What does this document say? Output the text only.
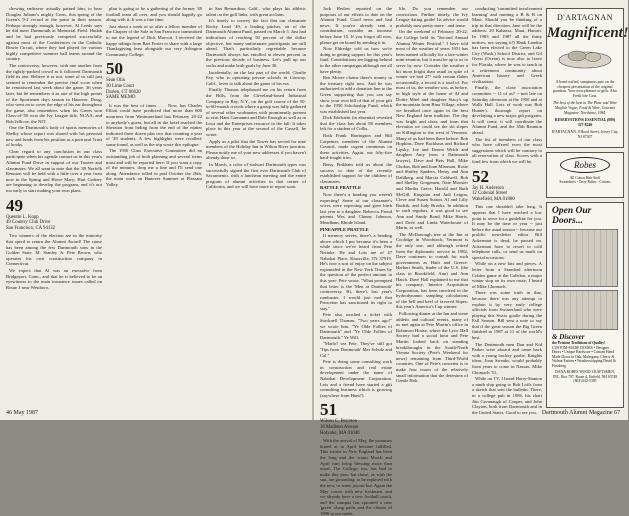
chewing endeavor actually pained him, to hear Douglas Juliano's mighty Cross, this spring of the Green's 9-2 record at the point in their season. Perhaps strongly enough, however, Al Leeds says he did meet Dartmouth at Memorial Field. Hudak and he had previously competed successfully against most of the Conferences in the Catholic Bowie Circuit, where they had played for various highly competitive summer ball teams around the country.

The controversy, however, with one another from the tightly-packed crowd as it followed Dartmouth field its one. Believe it or not, some of us still just seemed to remember the precise final score when he reminisced last week about the game. 36 years later, but he remembers it as one of the high points of the Sportsmen days season in Hanover. Doug, who went on to cover the edge of his ear throughout the game, also remembers when his Green won Class-of-'50 won the Ivy League title, NCAA, and Bob Jellicoe, the NIT.

One the Dartmouth's body of sports memories of Shelby whose report was shared with his personal new and funds from his position as a portrayal Trust of books.

Clear regard to any conclusion in our class participate when his agenda contact us in this year's Alumni Fund Drive in support of our Trustee and classmates. We all want to note that the '49 Norfolk Reunion will be held with a little over a year from now in the Spring and Howe Mary; Hart Godney are beginning to develop the program, and it's not too early to start making your own plans.

49
Quentin L. Kopp
49 Country Club Drive
San Francisco, CA 94132

Two winners of the election are in the minority that opted to return the Alumni Award! The cause has been among the few Dartmouth sons in the Golden State. M. Stanley Jr. Pete Brown, who operates his own construction company in Connecticut.

We expect that Al was an executive from Bridgeport, Conn., and that he is believed to be an eyewitness to the main insurance issues called on Route 1 near Westboro.

plan is going to be a gathering of the former '49 football team all over, and you should happily go along with it. It was a fine time.

Just about a week or so after a fellow member of the Chapter of the Sale in San Francisco transmitted to me the legend of Dick Marcott, I received the happy tidings from Bart Foster to share with a large Thanksgiving feast alongside our very Arlington Community College.

50
Sean Olin
30 Lime Court
Darien, CT 06820
SAME MEMO

It was the best of times . . . Now, has Charles Elliott could have predicted that more than 600 mourners from Westmoreland last February 20-22 to anybody's guess, but all in the hotel reached the Sheraton from hiding from the end of the matter indicated three dozen plus two that counting a year of '49 students. A few highlights were recalled; some found, as well as the trip wrote this epilogue.

The 1950 Class Executive Committee did an outstanding job of both planning and several items must and will be reported here. If you want a copy of the minutes, drop me a line and I'll send one along. Attendance rolled in past October the 26th, the main work on Hanover Summer at Pleasant Valley.

in San Bernardino, Calif., who plays his athletic talent on the golf links, with great acclaim.

It's timely to convey the fact that our classmate Rocky Lead '49, a leading pitcher, on of the Dartmouth Alumni Fund, passed on March 5. Just had indications of reaching 50 percent of the dollar objective, but many unfortunate participants are still ahead. That's particularly regrettable because Dartmouth always has enrolled at eleven percent in the previous decade of business. Let's pull up our socks and make both goals by June 30.

Incidentally, on the last part of the world, Charlie Fay, who is operating private schools in Conway, Calif., loves to talk about the game of his era.

Finally Thomas telephoned me on his return from the Hills, from the Cleveland-based Industrial Company in Ray, N.Y., on the golf course of the 50-to-60-month crowds where a group was fully gathered of several other workmates with prominently present to visit Hans Gumanmi and Dale Enough as well as in Iowa and the Enterprises resource in the fall. It takes place in this year at the second of the Cassell, he wrote.

Apply as a pilot that the Tower has served for nine members of the Holiday Inn in Wilton River junction. Please notify me of your new addresses if you haven't already done so.

In March, a color of stalwart Dartmouth types was successfully signed the first ever Dartmouth Club of Sacramento, with a luncheon meeting and the entire program of alumni activities in that corner of California, and we will have more to report soon.

46 May 1987

Jack Herlow reported on the purposes of our efforts to date on the Alumni Fund. Good news and bad news: If you've already sent a contribution, consider an increase before June 15. If you forgot till now, please get on board by sending it in.

Now Eldredge told us how we're doing in getting support for this year's fund. Contributions are lagging behind in the other campaigns although not all have plenty.

Ben Moore claims there's money in the treasury right now. And he was authorized to add a donation line to the Green supporting that you can say show your own bill of that of your gift to the 1950 Scholarship Fund, which was established last year.

Dick Edelstein (in absentia) revealed that the class has about 80 members left for a student of Collis.

Both Frank Harrington and Bill Carpenter, members of the Alumni Council, made cogent comments on these activities. Again, our fifty-five hard-fought tries.

Betsy Pinkham told us about the success to date of the recently established support for the children of classmates.

RATTLE PRATTLE

Now there's a heading you weren't expecting! Some of our classmate's wives were expecting and gave birth last year to a daughter. Rebecca. Proud parents Wes and Chinny Johnson, Mendham, Rhode Island.

PINEAPPLE PRATTLE

If memory serves, there's a heading above which I put because it's been a while since we've heard from Pete Nettuke. He and Lois are of 47 Nabokai Place, Knoxville, TN 37919. He's now a sort of enjoy on the subject expounded in the New York Times by the question of the perfect amount in this year: Pete wrote, "What prompted that letter is the 'Men at Dartmouth' controversy. Hi, there's last year's rumbuster. I would just nod that Princeton has sanctioned its right to stay."

Pete also touched a ticket with Stocknell Thomas. "Two years ago!" we wrote him. "Ye Olde Follies of Dartmouth" and "Ye Olde Follies of Dartmouth." Ye Will.

"Marlo? sez Pete. They've still got 'Tips from Dartmouth' Mer Schulz and Cal "

Pete is doing some consulting work in construction and real estate development under the name of Nabokai Development Corporation. Lois and a friend have started a gift consulting business which is growing (anywhere from Hunt?).

51
Wilson C. Boynton
18 Madison Avenue
Holyoke, MA 01040

With the arrival of May, the promises hinted at in April become fulfilled. This winter in New England has been the long and the warm March and April turn bring blessing more than usual. The College, too, has had to make this year, but those, as with the sun, are grounding, to be replaced with the new, or some joyous but. Again the May comes with new freshmen, and we already have a new football coach, and the campus has sprouted a new 'green' along paths and the classes of 1990 in our midst.

life. Do you remember our convictions. Further timely, the Ivy League dating guide! Its advice would probably now pretty more - and tense.

On the weekend of February 20-22, the College held its "Second Annual Alumni Winter Festival." I have told most of the weather of years 1951 has been named officially for a late-winter mini-reunion, but it must be up to us to serve by now. Consider the weather a bit more bright than usual in spite of winter we had 27° with certain flakes occasionally, a record is a total of. For most of us, the weather was, as before, in high style at the home of Al and Dottie Mitel and daughter Stacy's up the mountain from Bina Village, where we breathed once again in the best New England farm tradition. The day was bright and clear, and form that elevation we could see the ski slopes on Killington to the west of Vermont. Many of us had been there before: Bob Hopkins, Dave Backhaus and Richard Lipsky, Joe and Donna Welch and daughter Amy (now a Dartmouth lawyer), Dave and Bets Hall, Mike Chokas, Bob and Joan Missman, Rosie and Shirley Sanders, Henry and Ann Dahlberg, and Marcia Caldwell, Bob and Shelley Gorgemen, Nate Mooster and Martha Grace, Harold and Ruth McGill, Kingston and Judi Leigon, Cleve and Susan Sutton, Al and Lilly Budzik, and Judy Brooks. In addition to such regulars, it was good to see Ann and Sandy Bond, Mike Harris, and Dave and Linda Waterhouse of Marin, as well.

The McDonough tree at the Inn at Coolidge in Woodstock, Vermont is the only one, and although retired from the diplomatic service in 1982, Dave continues to consult for such governments as Haiti and Greece. Herbert Smith, leader of the U.S. (the class in Brookfield, Ann) and Ann Hatch. Dave Hall explained to me that his company, Interior Acquisition Corporation, has been involved in the hydrodynamic sampling calculations of the bell and keel of favored Stipes: this year's America's Cup winner.

Following dinner at the Inn and some athletic and cultural events, many of us met again at Pete Martin's office in Robinson House, where the Lyric Hall Society had a social hour and Pete Martin looked back on standing breakthroughs in the South-North Vienna Society (Pete's Weekend for news) remaining from Third-World countries. One of Pete's concerns is to make four issues of the relatively small information that the detention of Gentle Holt.

conducting 'committed involvement learning' and running a B & B on Maui. Should you be thinking of a trip in that direction, Jane will be the address: 20 Kahaesa, Maui, Hawaii. In 1983 and 1987 all the thirty notices, not saying it!) Hank Landon has been elected to the Green Lake City (Wash.) School District, and Gil Ovest (Ocean) is now also to leave for Florida, where he was to teach in a retirement community about American history and Greek civilization.

Finally, the close association committee -- 11 of us? -- met late on Saturday afternoon at the 1950 and at Walls Hall. Lots of work was Bob Hunter's thorough report on developing a new major gift program. It will come, it will coordinate the Alumni Fund, and the 35th Reunion ahead.

The list of members of our class who have offered even the most suggestions which will be contrary to all reservation of class. Scores with a fond few from which we will be.

52
Jay H. Anderson
12 Colonial Street
Wakefield, MA 01880

This one shouldn't take long. It appears that I have reached a low point to serve for a guideline for you. It may be the time or year -- just before the usual season -- because our prolific newsletter editor Bill Ackerman is dead, he passed on. Ackerman have to resort to cold telephone calls, or send us mails on special occasions.

While on a new bits and pieces. A letter from a Standard afternoon Cobleo game at the Caledon, a major winter stop on its own route, I heard of Mike Chomach.

There was some truth in that, because there was any attempt to explain it by very early college officials from Switzerland who were playing this Swiss goalie during the Fall Season. Bill sent a note to say that if the great season the Big Green finished in 1987 at 11 of the world's best.

The Dartmouth men Dan and Kid Parker were aboard and came back with a young hockey goalie, Knights ideas, Joan Sweaks, would probably from years to come in Nassau. Mike Chomach '51.

While on TV, I heard Harry-Stanton a ninth ship going to Bob Loffs from a sketch that sent the bulletin. There, in a college pub in 1986, his chart Jim Cavanaugh of Cooper, and John Clayton, both from Dartmouth and in the United States. Good to see you.

D'ARTAGNAN
Magnificent!
A hand-crafted, sumptuous pate on the cheapest presentation of the original granbras. Your own pleasure or gifts. Also Fresh foie Gras.
The best of the best in The Plate and Wine Mayfair Vogue, Food & Wine, Gourmet Magazine. Northeast, 1984.
RESERVATIONS ESSENTIAL (800) 327-8246
D'ARTAGNAN, 9 Hood Street, Jersey City, NJ 07307
Robes
All Cotton Hair Stuff
Sweatshirts - Terry Robes - Cottons
Open Our Doors...
& Discover
the Pristine Traditions of Quality!
CUSTOM-MADE DOORS • Designer Doors • Unique Hardware • Custom Hand Made Doors in Oak, Mahogany, Cherry & Walnut Entries • Weatherstripping Detail & Finishing
DANA ROBES WOOD CRAFTSMEN, INC. Box 707, Route 4, Enfield, NH 03748 (603) 632-5385
Dartmouth Alumni Magazine 67
